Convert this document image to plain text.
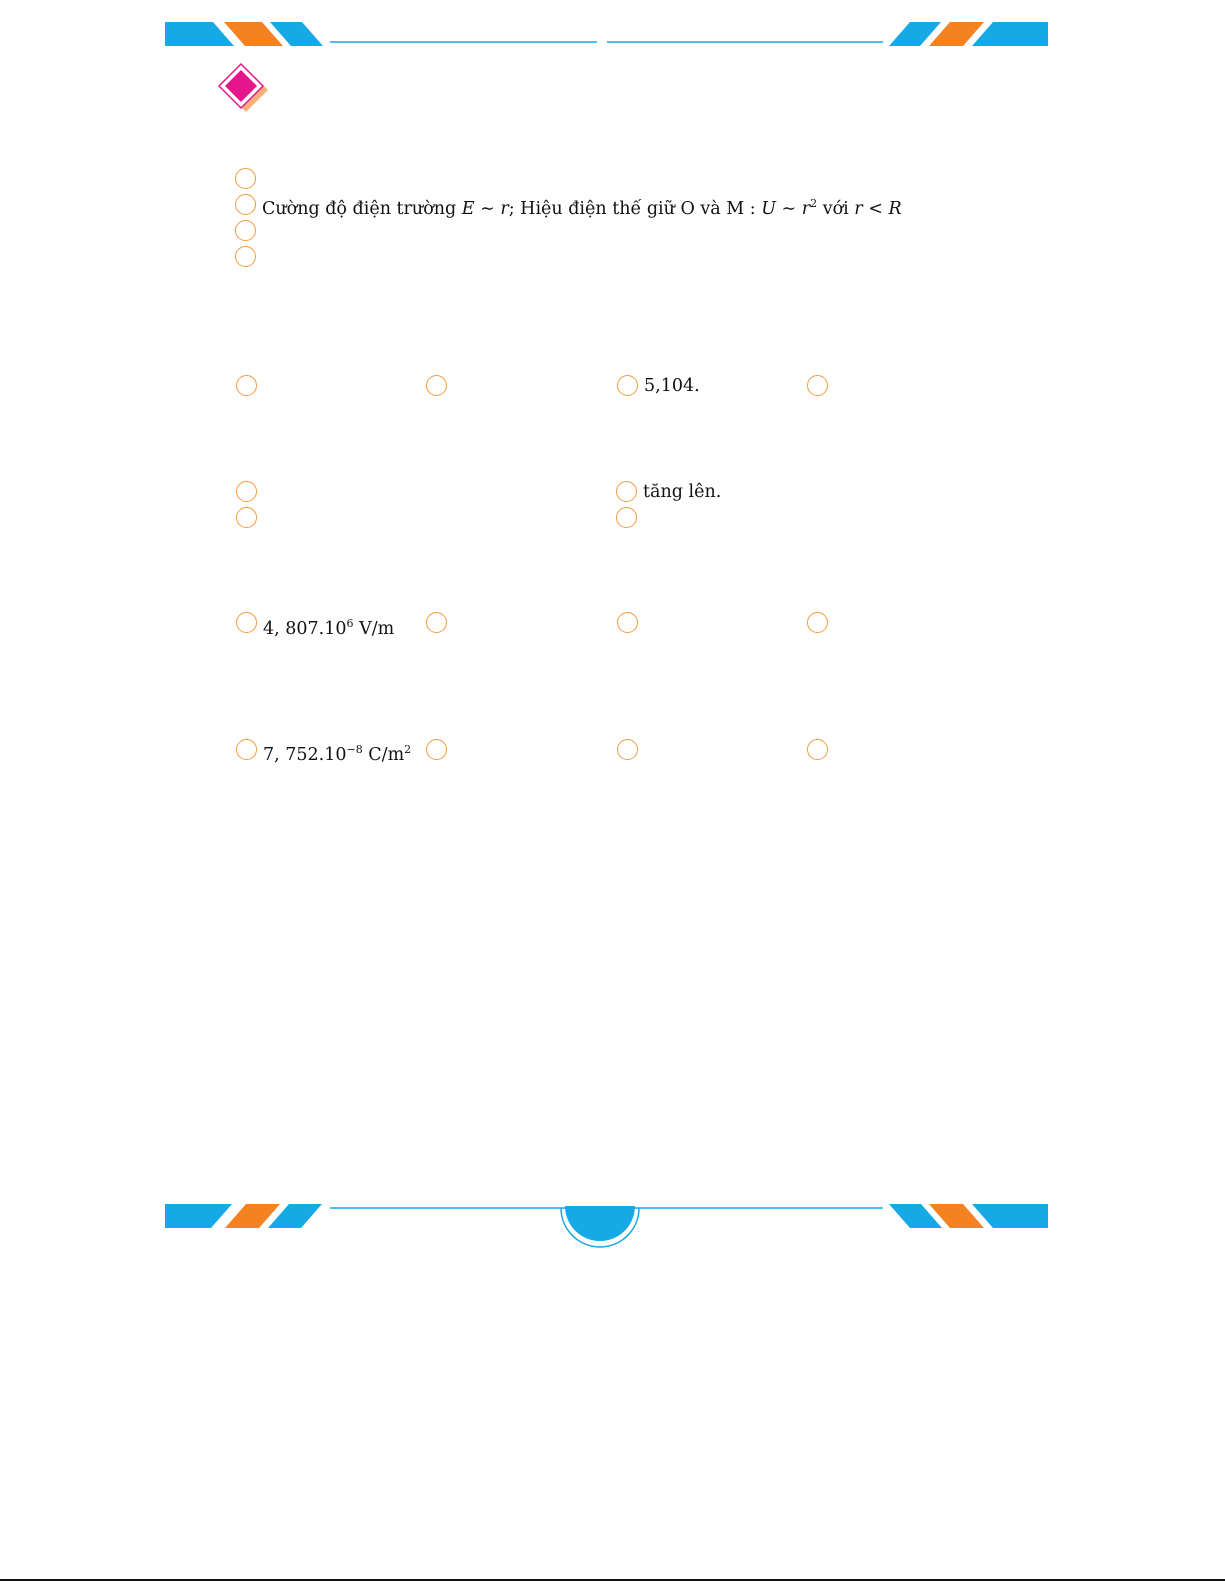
Cường độ điện trường E ∼ r; Hiệu điện thế giữ O và M : U ∼ $r^2$ với r < R
5,104.
tăng lên.
4, 807.10$^6$ V/m
7, $752.10^{-8}$ $C/m^2$
